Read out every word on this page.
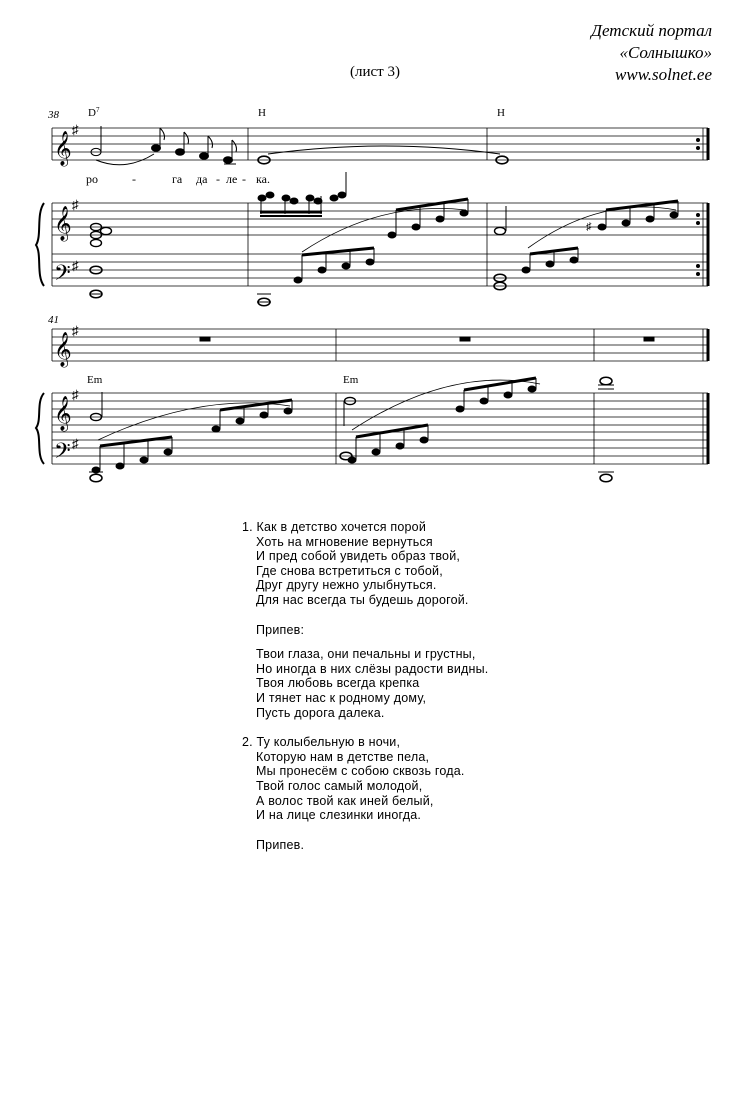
Детский портал
«Солнышко»
www.solnet.ee
(лист 3)
𝄞
𝄞
𝄢
𝄞
𝄞
𝄢
♯
♯
♯
♯
♯
♯
38
41
$D^7$	H	H
Em	Em
ро	-	га да - ле - ка.
♯
1. Как в детство хочется порой
Хоть на мгновение вернуться
И пред собой увидеть образ твой,
Где снова встретиться с тобой,
Друг другу нежно улыбнуться.
Для нас всегда ты будешь дорогой.
Припев:
Твои глаза, они печальны и грустны,
Но иногда в них слёзы радости видны.
Твоя любовь всегда крепка
И тянет нас к родному дому,
Пусть дорога далека.
2. Ту колыбельную в ночи,
Которую нам в детстве пела,
Мы пронесём с собою сквозь года.
Твой голос самый молодой,
А волос твой как иней белый,
И на лице слезинки иногда.
Припев.
